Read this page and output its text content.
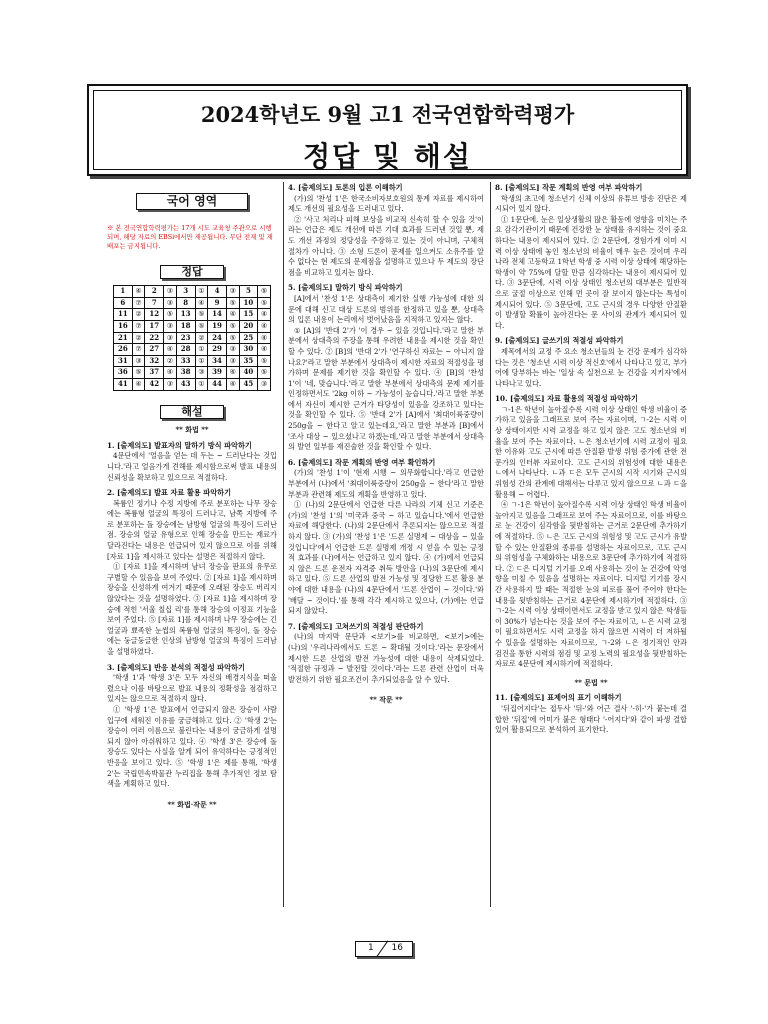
2024학년도 9월 고1 전국연합학력평가
정답 및 해설
국어 영역
※ 본 전국연합학력평가는 17개 시도 교육청 주관으로 시행되며, 해당 자료의 EBSi에서만 제공됩니다. 무단 전재 및 재배포는 금지됩니다.
정답
1	④	2	③	3	①	4	③	5	⑤
6	⑦	7	③	8	④	9	⑤	10	⑤
11	②	12	⑤	13	⑤	14	④	15	④
16	⑦	17	③	18	⑤	19	⑤	20	④
21	②	22	③	23	②	24	⑤	25	④
26	⑦	27	④	28	①	29	③	30	④
31	③	32	②	33	①	34	③	35	⑤
36	⑤	37	④	38	③	39	④	40	⑤
41	④	42	③	43	①	44	④	45	③
해설
** 화법 **
1. [출제의도] 발표자의 말하기 방식 파악하기

4문단에서 '얼음을 얻는 데 두는 ~ 드러난다는 것입니다.'라고 얼음가게 견해를 제시함으로써 발표 내용의 신뢰성을 확보하고 있으므로 적절하다.

2. [출제의도] 발표 자료 활용 파악하기

복륭인 정기나 수정 지방에 주로 분포하는 나무 장승에는 복륭형 얼굴의 특징이 드러나고, 남쪽 지방에 주로 분포하는 돌 장승에는 남방형 얼굴의 특징이 드러난 점. 장승의 얼굴 유형으로 인해 장승을 만드는 재료가 달라진다는 내용은 언급되어 있지 않으므로 이를 위해 [자료 1]을 제시하고 있다는 설명은 적절하지 않다.

① [자료 1]을 제시하며 남녀 장승을 판표의 유무로 구별할 수 있음을 보여 주었다. ② [자료 1]을 제시하며 장승을 신성하게 여겨기 때문에 오래된 장승도 버리지 않았다는 것을 설명하였다. ③ [자료 1]을 제시하며 장승에 적힌 '서울 칠십 리'를 통해 장승의 이정표 기능을 보여 주었다. ⑤ [자료 1]를 제시하며 나무 장승에는 긴 얼굴과 뾰족한 눈썹의 복륭형 얼굴의 특징이, 돌 장승에는 둥글둥글한 인상의 남방형 얼굴의 특징이 드러남을 설명하였다.

3. [출제의도] 반응 분석의 적절성 파악하기

'학생 1'과 '학생 3'은 모두 자신의 배경지식을 떠올렸으나 이를 바탕으로 발표 내용의 정확성을 점검하고 있지는 않으므로 적절하지 않다.

① '학생 1'은 발표에서 언급되지 않은 장승이 사람 입구에 세워진 이유를 궁금해하고 있다. ② '학생 2'는 장승이 여러 이름으로 불린다는 내용이 궁금하게 설명되지 않아 아쉬워하고 있다. ④ '학생 3'은 장승에 돌 장승도 있다는 사실을 알게 되어 유익하다는 긍정적인 반응을 보이고 있다. ⑤ '학생 1'은 제를 통해, '학생 2'는 국립민속박물관 누리집을 통해 추가적인 정보 탐색을 계획하고 있다.

** 화법·작문 **
4. [출제의도] 토론의 입론 이해하기

(가)의 '찬성 1'은 한국소비자보호원의 통계 자료를 제시하여 제도 개선의 필요성을 드러내고 있다.

② '사고 처리나 피해 보상을 비교적 신속히 할 수 있을 것'이라는 언급은 제도 개선에 따른 기대 효과를 드러낸 것일 뿐, 제도 개선 과정의 정당성을 주장하고 있는 것이 아니며, 구체적 절차가 아니다. ③ 소형 드론이 문제를 일으켜도 소유주를 알 수 없다는 현 제도의 문제점을 설명하고 있으나 두 제도의 장단점을 비교하고 있지는 않다.

5. [출제의도] 말하기 방식 파악하기

[A]에서 '찬성 1'은 상대측이 제기한 실행 가능성에 대한 의문에 대해 신고 대상 드론의 범위를 한정하고 있을 뿐, 상대측의 입론 내용이 논리에서 벗어났음을 지적하고 있지는 않다.

① [A]의 '반대 2'가 '이 경우 ~ 있을 것입니다.'라고 말한 부분에서 상대측의 주장을 통해 우려한 내용을 제시한 것을 확인할 수 있다. ② [B]의 '반대 2'가 '연구하신 자료는 ~ 아니지 않나요?'라고 말한 부분에서 상대측이 제시한 자료의 적절성을 평가하며 문제를 제기한 것을 확인할 수 있다. ④ [B]의 '찬성 1'이 '네, 맞습니다.'라고 말한 부분에서 상대측의 문제 제기를 인정하면서도 '2kg 이하 ~ 가능성이 높습니다.'라고 말한 부분에서 자신이 제시한 근거가 타당성이 있음을 강조하고 있다는 것을 확인할 수 있다. ⑤ '반대 2'가 [A]에서 '최대이륙중량이 250g을 ~ 한다고 알고 있는데요,'라고 말한 부분과 [B]에서 '조사 대상 ~ 있으셨나고 하겠는데,'라고 말한 부분에서 상대측의 발언 일부를 재진술한 것을 확인할 수 있다.

6. [출제의도] 작문 계획의 반영 여부 확인하기

(가)의 '찬성 1'이 '현재 시행 ~ 의무화합니다.'라고 언급한 부분에서 (나)에서 '최대이륙중량이 250g을 ~ 한다'라고 말한 부분과 관련해 제도의 계획을 반영하고 있다.

① (나)의 2문단에서 언급한 다른 나라의 기체 신고 기준은 (가)의 '찬성 1'의 '미국과 중국 ~ 하고 있습니다.'에서 언급한 자료에 해당한다. (나)의 2문단에서 추론되지는 않으므로 적절하지 않다. ③ (가)의 '찬성 1'은 '드론 실명제 ~ 대상을 ~ 있을 것입니다'에서 언급한 드론 실명제 개정 시 얻을 수 있는 긍정적 효과를 (나)에서는 언급하고 있지 않다. ④ (가)에서 언급되지 않은 드론 운전자 자격증 취득 방안을 (나)의 3문단에 제시하고 있다. ⑤ 드론 산업의 발전 가능성 및 정당한 드론 활용 분야에 대한 내용을 (나)의 4문단에서 '드론 산업이 ~ 것이다.'와 '배달 ~ 것이다.'를 통해 각각 제시하고 있으나, (가)에는 언급되지 않았다.

7. [출제의도] 고쳐쓰기의 적절성 판단하기

(나)의 마지막 문단과 <보기>를 비교하면, <보기>에는 (나)의 '우리나라에서도 드론 ~ 확대될 것이다.'라는 문장에서 제시한 드론 산업의 발전 가능성에 대한 내용이 삭제되었다. '적절한 규정과 ~ 발전할 것이다.'라는 드론 관련 산업이 더욱 발전하기 위한 필요조건이 추가되었음을 알 수 있다.

** 작문 **
8. [출제의도] 작문 계획의 반영 여부 파악하기

학생의 초고에 청소년기 신체 이상의 유튜브 방송 진단은 제시되어 있지 않다.

① 1문단에, 눈은 일상생활의 많은 활동에 영향을 미치는 주요 감각기관이기 때문에 건강한 눈 상태를 유지하는 것이 중요하다는 내용이 제시되어 있다. ② 2문단에, 경험가게 이미 시력 이상 상태에 놓인 청소년의 비율이 매우 높은 것이며 우리나라 전체 고등학교 1학년 학생 중 시력 이상 상태에 해당하는 학생이 약 75%에 달할 만큼 심각하다는 내용이 제시되어 있다. ③ 3문단에, 시력 이상 상태인 청소년의 대부분은 일반적으로 굴절 이상으로 인해 먼 곳이 잘 보이지 않는다는 특성이 제시되어 있다. ⑤ 3문단에, 고도 근시의 경우 다양한 안질환이 발생할 확률이 높아진다는 문 사이의 관계가 제시되어 있다.

9. [출제의도] 글쓰기의 적절성 파악하기

제목에서의 교정 주 요소 청소년들의 눈 건강 문제가 심각하다는 것은 '청소년 시력 이상 적신호'에서 나타나고 있고, 부가어에 당부하는 바는 '일상 속 실천으로 눈 건강을 지키자'에서 나타나고 있다.

10. [출제의도] 자료 활용의 적절성 파악하기

ㄱ-1은 학년이 높아질수록 시력 이상 상태인 학생 비율이 증가하고 있음을 그래프로 보여 주는 자료이며, ㄱ-2는 시력 이상 상태이지만 시력 교정을 하고 있지 않은 고도 청소년의 비율을 보여 주는 자료이다. ㄴ은 청소년기에 시력 교정이 필요한 이유와 고도 근시에 따른 안질환 발생 위험 증가에 관한 전문가의 인터뷰 자료이다. 고도 근시의 위험성에 대한 내용은 ㄴ에서 나타난다. ㄴ과 ㄷ은 모두 근시의 시작 시기와 근시의 위험성 간의 관계에 대해서는 다루고 있지 않으므로 ㄴ과 ㄷ을 활용해 ~ 어렵다.

④ ㄱ-1은 학년이 높아질수록 시력 이상 상태인 학생 비율이 높아지고 있음을 그래프로 보여 주는 자료이므로, 이를 바탕으로 눈 건강이 심각함을 뒷받침하는 근거로 2문단에 추가하기에 적절하다. ⑤ ㄴ은 고도 근시의 위험성 및 고도 근시가 유발할 수 있는 안질환의 종류를 설명하는 자료이므로, 고도 근시의 위험성을 구체화하는 내용으로 3문단에 추가하기에 적절하다. ② ㄷ은 디지털 기기를 오래 사용하는 것이 눈 건강에 악영향을 미칠 수 있음을 설명하는 자료이다. 디지털 기기를 장시간 사용하지 말 때는 적절한 눈의 피로를 풀어 주어야 한다는 내용을 뒷받침하는 근거로 4문단에 제시하기에 적절하다. ③ ㄱ-2는 시력 이상 상태이면서도 교정을 받고 있지 않은 학생들이 30%가 넘는다는 것을 보여 주는 자료이고, ㄴ은 시력 교정이 필요하면서도 시력 교정을 하지 않으면 시력이 더 저하될 수 있음을 설명하는 자료이므로, ㄱ-2와 ㄴ은 정기적인 안과 검진을 통한 시력의 점검 및 교정 노력의 필요성을 뒷받침하는 자료로 4문단에 제시하기에 적절하다.

** 문법 **
11. [출제의도] 표제어의 표기 이해하기

'뒤집어지다'는 접두사 '뒤-'와 어근 결사 '-히-'가 붙는데 결합한 '뒤집'에 어미가 붙은 형태다 '-어지다'와 같이 파생 결합 있어 활용되므로 분석하여 표기한다.

1 16
